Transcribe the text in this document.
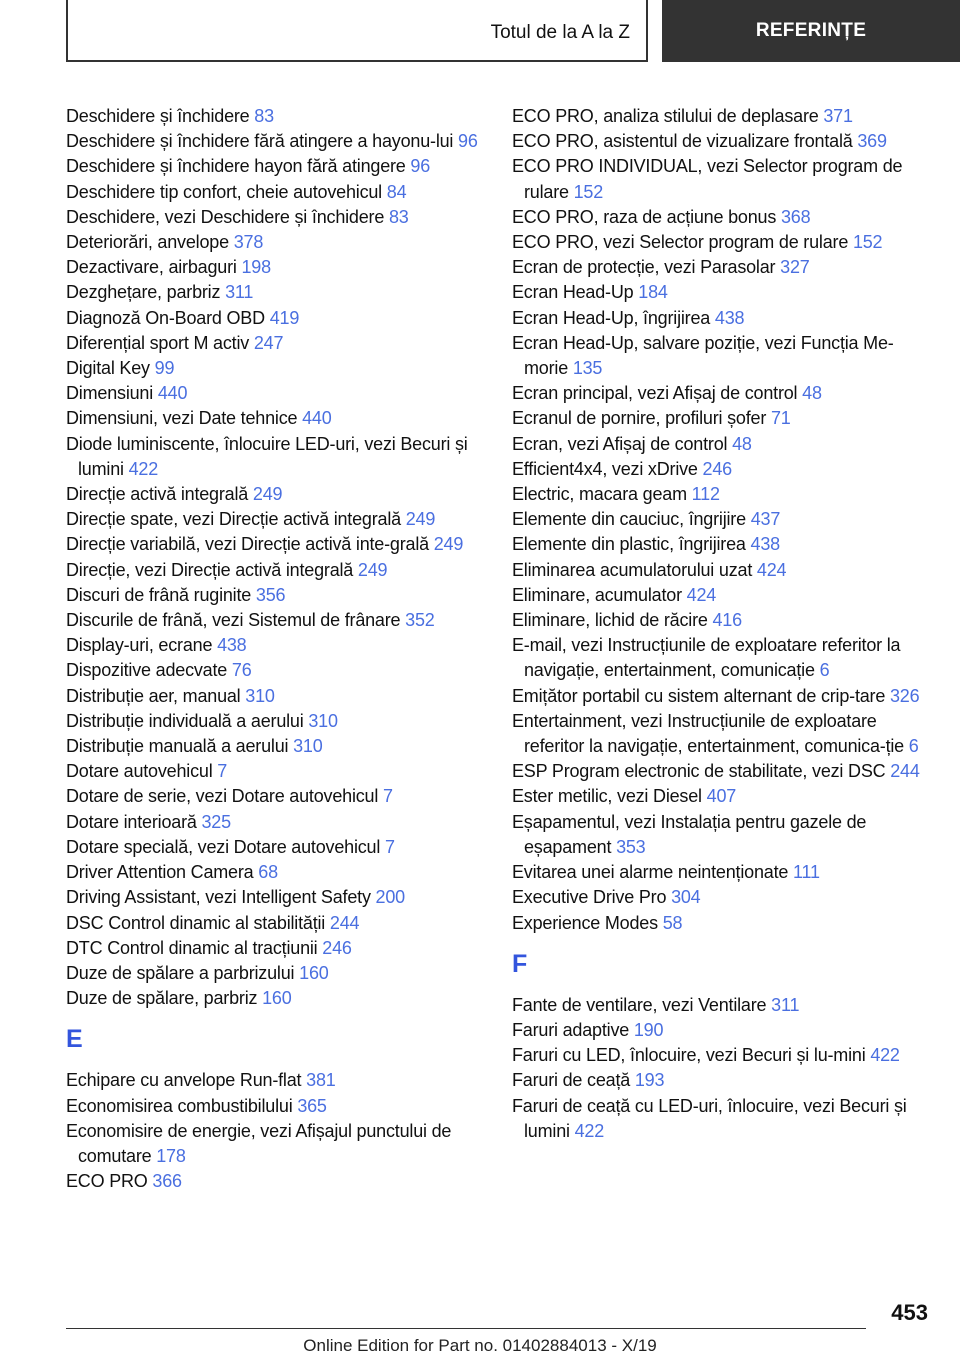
Totul de la A la Z	REFERINȚE
Deschidere și închidere 83
Deschidere și închidere fără atingere a hayonu‐lui 96
Deschidere și închidere hayon fără atingere 96
Deschidere tip confort, cheie autovehicul 84
Deschidere, vezi Deschidere și închidere 83
Deteriorări, anvelope 378
Dezactivare, airbaguri 198
Dezghețare, parbriz 311
Diagnoză On-Board OBD 419
Diferențial sport M activ 247
Digital Key 99
Dimensiuni 440
Dimensiuni, vezi Date tehnice 440
Diode luminiscente, înlocuire LED-uri, vezi Becuri și lumini 422
Direcție activă integrală 249
Direcție spate, vezi Direcție activă integrală 249
Direcție variabilă, vezi Direcție activă inte‐grală 249
Direcție, vezi Direcție activă integrală 249
Discuri de frână ruginite 356
Discurile de frână, vezi Sistemul de frânare 352
Display-uri, ecrane 438
Dispozitive adecvate 76
Distribuție aer, manual 310
Distribuție individuală a aerului 310
Distribuție manuală a aerului 310
Dotare autovehicul 7
Dotare de serie, vezi Dotare autovehicul 7
Dotare interioară 325
Dotare specială, vezi Dotare autovehicul 7
Driver Attention Camera 68
Driving Assistant, vezi Intelligent Safety 200
DSC Control dinamic al stabilității 244
DTC Control dinamic al tracțiunii 246
Duze de spălare a parbrizului 160
Duze de spălare, parbriz 160
E
Echipare cu anvelope Run-flat 381
Economisirea combustibilului 365
Economisire de energie, vezi Afișajul punctului de comutare 178
ECO PRO 366
ECO PRO, analiza stilului de deplasare 371
ECO PRO, asistentul de vizualizare frontală 369
ECO PRO INDIVIDUAL, vezi Selector program de rulare 152
ECO PRO, raza de acțiune bonus 368
ECO PRO, vezi Selector program de rulare 152
Ecran de protecție, vezi Parasolar 327
Ecran Head-Up 184
Ecran Head-Up, îngrijirea 438
Ecran Head-Up, salvare poziție, vezi Funcția Me‐morie 135
Ecran principal, vezi Afișaj de control 48
Ecranul de pornire, profiluri șofer 71
Ecran, vezi Afișaj de control 48
Efficient4x4, vezi xDrive 246
Electric, macara geam 112
Elemente din cauciuc, îngrijire 437
Elemente din plastic, îngrijirea 438
Eliminarea acumulatorului uzat 424
Eliminare, acumulator 424
Eliminare, lichid de răcire 416
E-mail, vezi Instrucțiunile de exploatare referitor la navigație, entertainment, comunicație 6
Emițător portabil cu sistem alternant de crip‐tare 326
Entertainment, vezi Instrucțiunile de exploatare referitor la navigație, entertainment, comunica‐ție 6
ESP Program electronic de stabilitate, vezi DSC 244
Ester metilic, vezi Diesel 407
Eșapamentul, vezi Instalația pentru gazele de eșapament 353
Evitarea unei alarme neintenționate 111
Executive Drive Pro 304
Experience Modes 58
F
Fante de ventilare, vezi Ventilare 311
Faruri adaptive 190
Faruri cu LED, înlocuire, vezi Becuri și lu‐mini 422
Faruri de ceață 193
Faruri de ceață cu LED-uri, înlocuire, vezi Becuri și lumini 422
453
Online Edition for Part no. 01402884013 - X/19
